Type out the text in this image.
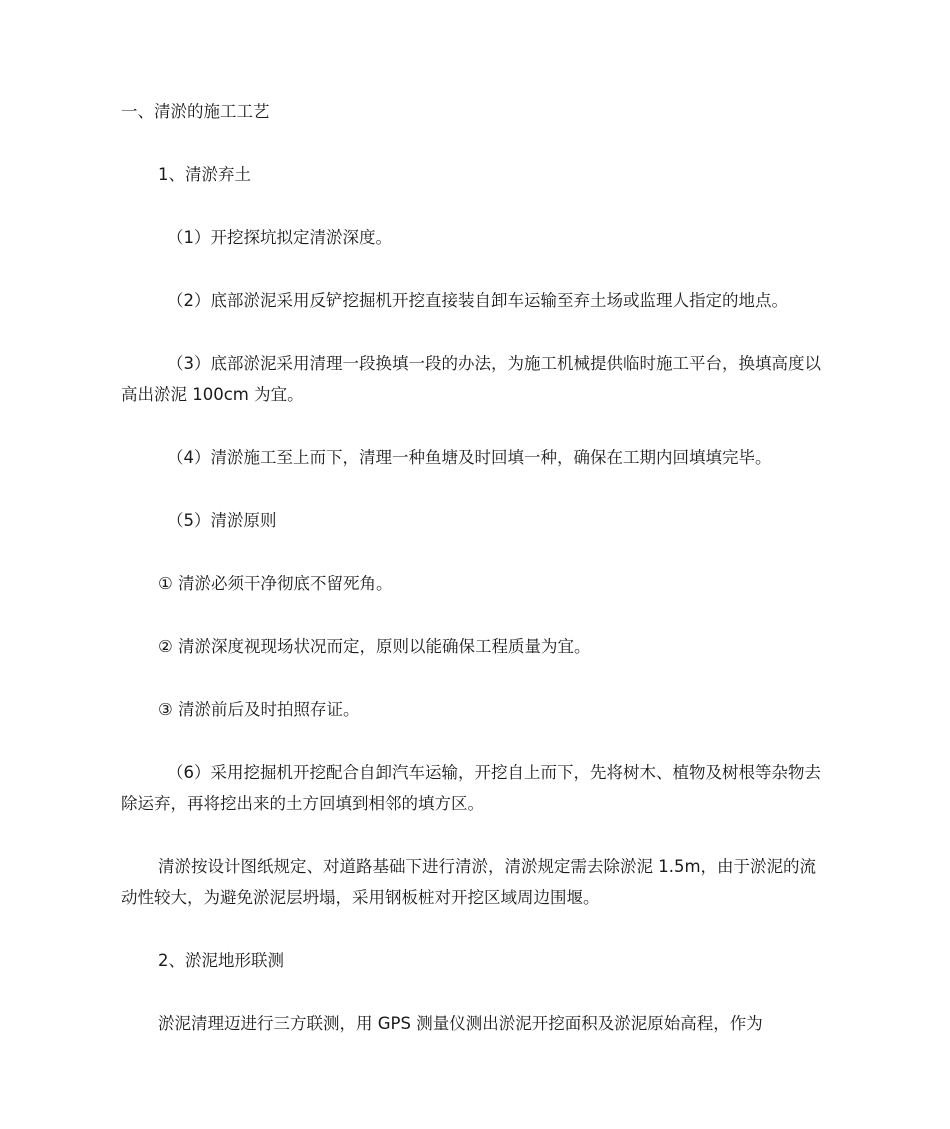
一、清淤的施工工艺

1、清淤弃土

（1）开挖探坑拟定清淤深度。

（2）底部淤泥采用反铲挖掘机开挖直接装自卸车运输至弃土场或监理人指定的地点。

（3）底部淤泥采用清理一段换填一段的办法，为施工机械提供临时施工平台，换填高度以高出淤泥 100cm 为宜。

（4）清淤施工至上而下，清理一种鱼塘及时回填一种，确保在工期内回填填完毕。

（5）清淤原则

① 清淤必须干净彻底不留死角。

② 清淤深度视现场状况而定，原则以能确保工程质量为宜。

③ 清淤前后及时拍照存证。

（6）采用挖掘机开挖配合自卸汽车运输，开挖自上而下，先将树木、植物及树根等杂物去除运弃，再将挖出来的土方回填到相邻的填方区。

清淤按设计图纸规定、对道路基础下进行清淤，清淤规定需去除淤泥 1.5m，由于淤泥的流动性较大，为避免淤泥层坍塌，采用钢板桩对开挖区域周边围堰。

2、淤泥地形联测

淤泥清理迈进行三方联测，用 GPS 测量仪测出淤泥开挖面积及淤泥原始高程，作为
